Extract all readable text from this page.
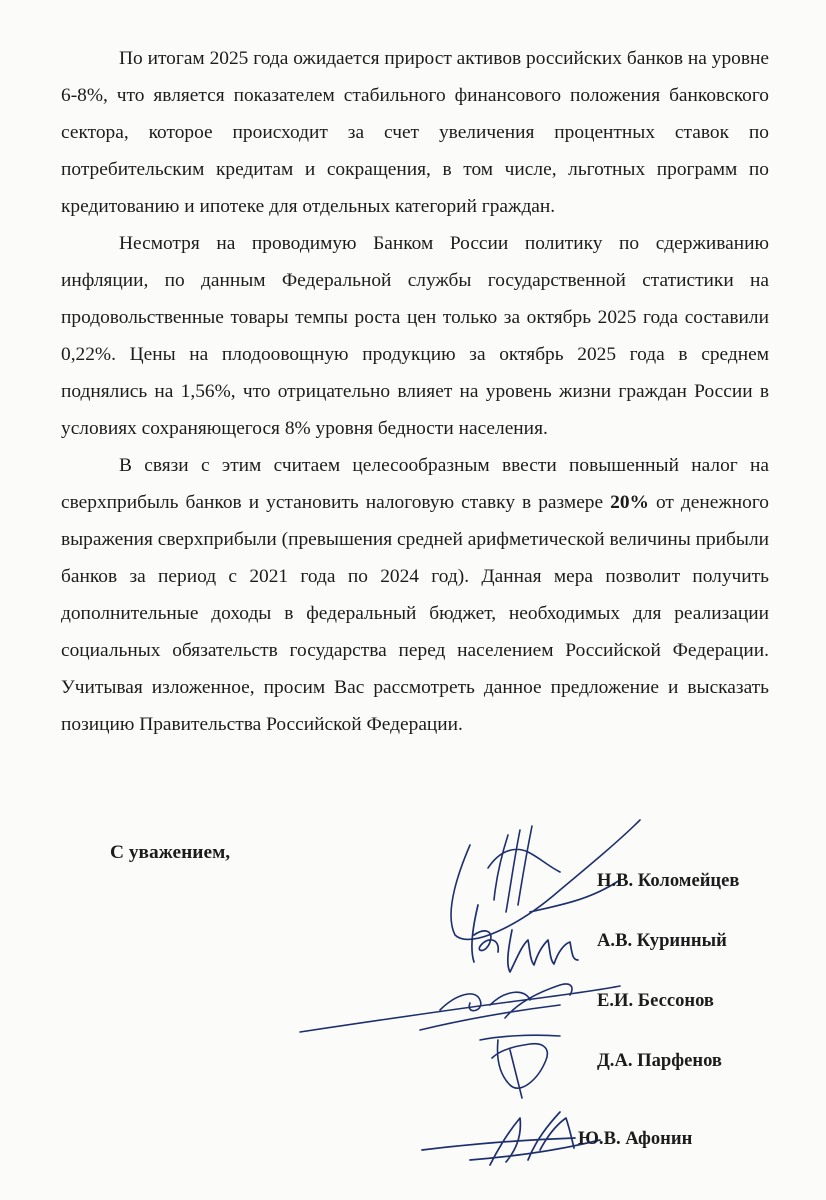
По итогам 2025 года ожидается прирост активов российских банков на уровне 6-8%, что является показателем стабильного финансового положения банковского сектора, которое происходит за счет увеличения процентных ставок по потребительским кредитам и сокращения, в том числе, льготных программ по кредитованию и ипотеке для отдельных категорий граждан.

Несмотря на проводимую Банком России политику по сдерживанию инфляции, по данным Федеральной службы государственной статистики на продовольственные товары темпы роста цен только за октябрь 2025 года составили 0,22%. Цены на плодоовощную продукцию за октябрь 2025 года в среднем поднялись на 1,56%, что отрицательно влияет на уровень жизни граждан России в условиях сохраняющегося 8% уровня бедности населения.

В связи с этим считаем целесообразным ввести повышенный налог на сверхприбыль банков и установить налоговую ставку в размере 20% от денежного выражения сверхприбыли (превышения средней арифметической величины прибыли банков за период с 2021 года по 2024 год). Данная мера позволит получить дополнительные доходы в федеральный бюджет, необходимых для реализации социальных обязательств государства перед населением Российской Федерации. Учитывая изложенное, просим Вас рассмотреть данное предложение и высказать позицию Правительства Российской Федерации.

С уважением,
Н.В. Коломейцев
А.В. Куринный
Е.И. Бессонов
Д.А. Парфенов
Ю.В. Афонин
